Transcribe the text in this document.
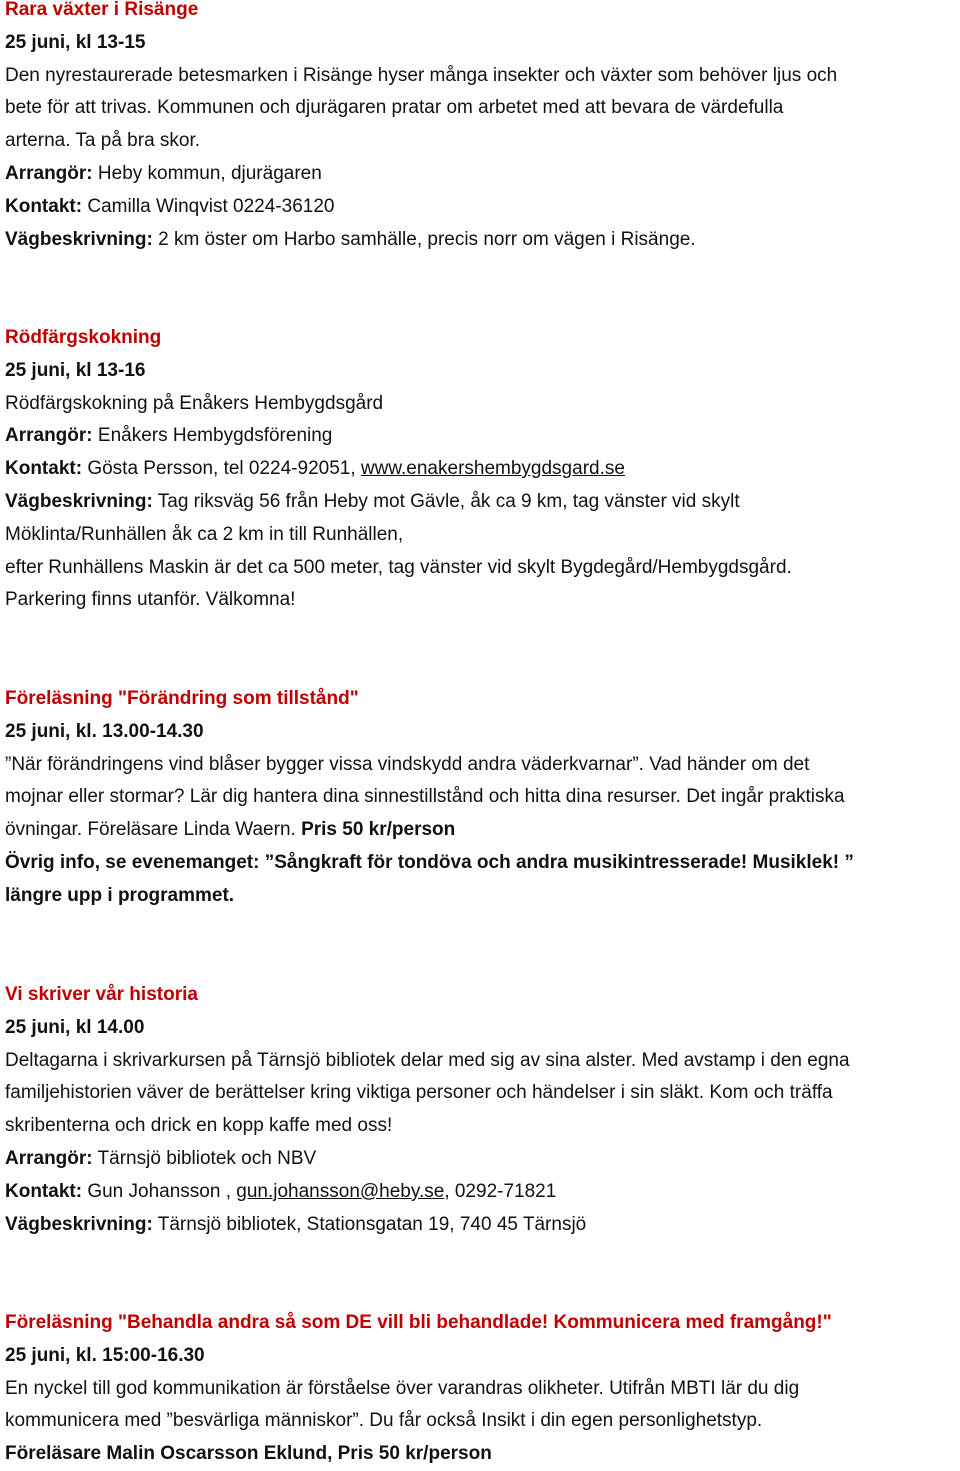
Rara växter i Risänge
25 juni, kl 13-15
Den nyrestaurerade betesmarken i Risänge hyser många insekter och växter som behöver ljus och
bete för att trivas. Kommunen och djurägaren pratar om arbetet med att bevara de värdefulla
arterna. Ta på bra skor.
Arrangör: Heby kommun, djurägaren
Kontakt: Camilla Winqvist 0224-36120
Vägbeskrivning: 2 km öster om Harbo samhälle, precis norr om vägen i Risänge.
Rödfärgskokning
25 juni, kl 13-16
Rödfärgskokning på Enåkers Hembygdsgård
Arrangör: Enåkers Hembygdsförening
Kontakt: Gösta Persson, tel 0224-92051, www.enakershembygdsgard.se
Vägbeskrivning: Tag riksväg 56 från Heby mot Gävle, åk ca 9 km, tag vänster vid skylt
Möklinta/Runhällen åk ca 2 km in till Runhällen,
efter Runhällens Maskin är det ca 500 meter, tag vänster vid skylt Bygdegård/Hembygdsgård.
Parkering finns utanför. Välkomna!
Föreläsning "Förändring som tillstånd"
25 juni, kl. 13.00-14.30
”När förändringens vind blåser bygger vissa vindskydd andra väderkvarnar”. Vad händer om det
mojnar eller stormar? Lär dig hantera dina sinnestillstånd och hitta dina resurser. Det ingår praktiska
övningar. Föreläsare Linda Waern. Pris 50 kr/person
Övrig info, se evenemanget: ”Sångkraft för tondöva och andra musikintresserade! Musiklek! ”
längre upp i programmet.
Vi skriver vår historia
25 juni, kl 14.00
Deltagarna i skrivarkursen på Tärnsjö bibliotek delar med sig av sina alster. Med avstamp i den egna
familjehistorien väver de berättelser kring viktiga personer och händelser i sin släkt. Kom och träffa
skribenterna och drick en kopp kaffe med oss!
Arrangör: Tärnsjö bibliotek och NBV
Kontakt: Gun Johansson , gun.johansson@heby.se, 0292-71821
Vägbeskrivning: Tärnsjö bibliotek, Stationsgatan 19, 740 45 Tärnsjö
Föreläsning "Behandla andra så som DE vill bli behandlade! Kommunicera med framgång!"
25 juni, kl. 15:00-16.30
En nyckel till god kommunikation är förståelse över varandras olikheter. Utifrån MBTI lär du dig
kommunicera med ”besvärliga människor”. Du får också Insikt i din egen personlighetstyp.
Föreläsare Malin Oscarsson Eklund, Pris 50 kr/person
